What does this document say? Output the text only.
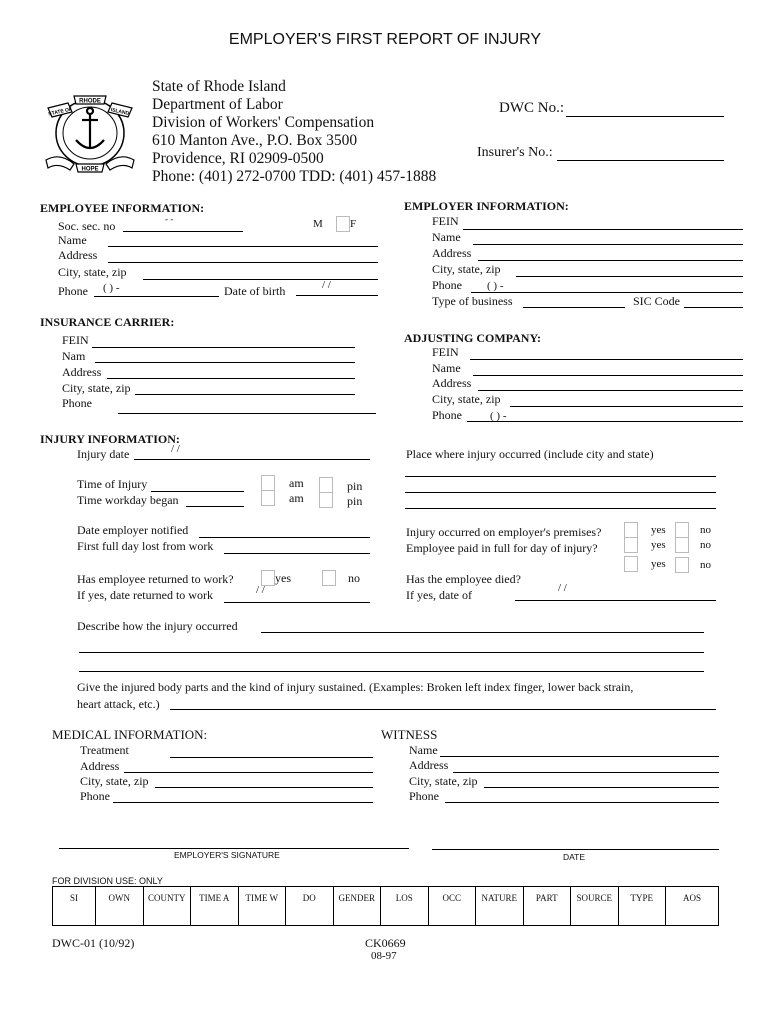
EMPLOYER'S FIRST REPORT OF INJURY
RHODE
STATE OF	ISLAND
HOPE
State of Rhode Island
Department of Labor
Division of Workers' Compensation
610 Manton Ave., P.O. Box 3500
Providence, RI 02909-0500
Phone: (401) 272-0700 TDD: (401) 457-1888
DWC No.:
Insurer's No.:
EMPLOYEE INFORMATION:
Soc. sec. no	- -	M F
Name
Address
City, state, zip
Phone ( ) -	Date of birth	/ /
EMPLOYER INFORMATION:
FEIN
Name
Address
City, state, zip
Phone ( ) -
Type of business	SIC Code
INSURANCE CARRIER:
FEIN
Nam
Address
City, state, zip
Phone
ADJUSTING COMPANY:
FEIN
Name
Address
City, state, zip
Phone	( ) -
INJURY INFORMATION:
Injury date	/ /	Place where injury occurred (include city and state)
Time of Injury
Time workday began
am	pin
am	pin
Date employer notified
First full day lost from work
Injury occurred on employer's premises?
Employee paid in full for day of injury?
yes	no
yes	no
yes	no
Has employee returned to work?	yes	no
If yes, date returned to work	/ /
Has the employee died?
If yes, date of	/ /
Describe how the injury occurred
Give the injured body parts and the kind of injury sustained. (Examples: Broken left index finger, lower back strain,
heart attack, etc.)
MEDICAL INFORMATION:
Treatment
Address
City, state, zip
Phone
WITNESS
Name
Address
City, state, zip
Phone
EMPLOYER'S SIGNATURE	DATE
FOR DIVISION USE: ONLY
SI	OWN	COUNTY	TIME A	TIME W	DO	GENDER	LOS	OCC	NATURE	PART	SOURCE	TYPE	AOS
DWC-01 (10/92)	CK0669
08-97
